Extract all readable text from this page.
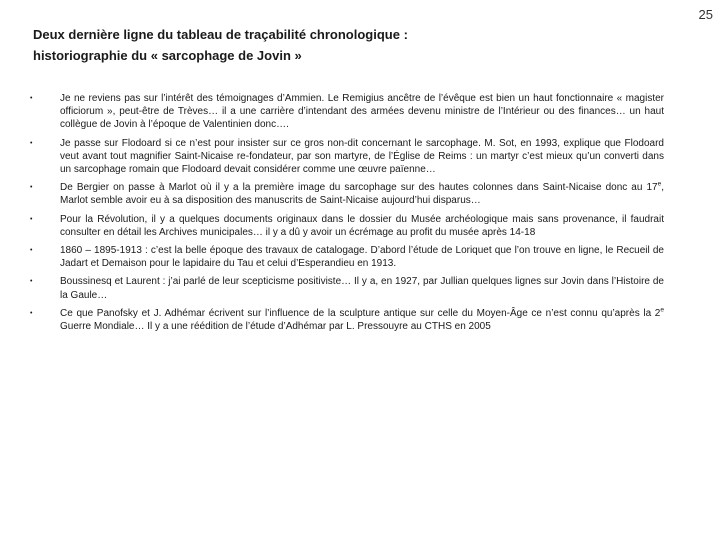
25
Deux dernière ligne du tableau de traçabilité chronologique :
historiographie du « sarcophage de Jovin »
•	Je ne reviens pas sur l’intérêt des témoignages d’Ammien. Le Remigius ancêtre de l’évêque est bien un haut fonctionnaire « magister officiorum », peut-être de Trèves… il a une carrière d’intendant des armées devenu ministre de l’Intérieur ou des finances… un haut collègue de Jovin à l’époque de Valentinien donc….
•	Je passe sur Flodoard si ce n’est pour insister sur ce gros non-dit concernant le sarcophage. M. Sot, en 1993, explique que Flodoard veut avant tout magnifier Saint-Nicaise re-fondateur, par son martyre, de l’Église de Reims : un martyr c’est mieux qu’un converti dans un sarcophage romain que Flodoard devait considérer comme une œuvre païenne…
•	De Bergier on passe à Marlot où il y a la première image du sarcophage sur des hautes colonnes dans Saint-Nicaise donc au 17e, Marlot semble avoir eu à sa disposition des manuscrits de Saint-Nicaise aujourd’hui disparus…
•	Pour la Révolution, il y a quelques documents originaux dans le dossier du Musée archéologique mais sans provenance, il faudrait consulter en détail les Archives municipales… il y a dû y avoir un écrémage au profit du musée après 14-18
•	1860 – 1895-1913 : c’est la belle époque des travaux de catalogage. D’abord l’étude de Loriquet que l’on trouve en ligne, le Recueil de Jadart et Demaison pour le lapidaire du Tau et celui d’Esperandieu en 1913.
•	Boussinesq et Laurent : j’ai parlé de leur scepticisme positiviste… Il y a, en 1927, par Jullian quelques lignes sur Jovin dans l’Histoire de la Gaule…
•	Ce que Panofsky et J. Adhémar écrivent sur l’influence de la sculpture antique sur celle du Moyen-Âge ce n’est connu qu’après la 2e Guerre Mondiale… Il y a une réédition de l’étude d’Adhémar par L. Pressouyre au CTHS en 2005
